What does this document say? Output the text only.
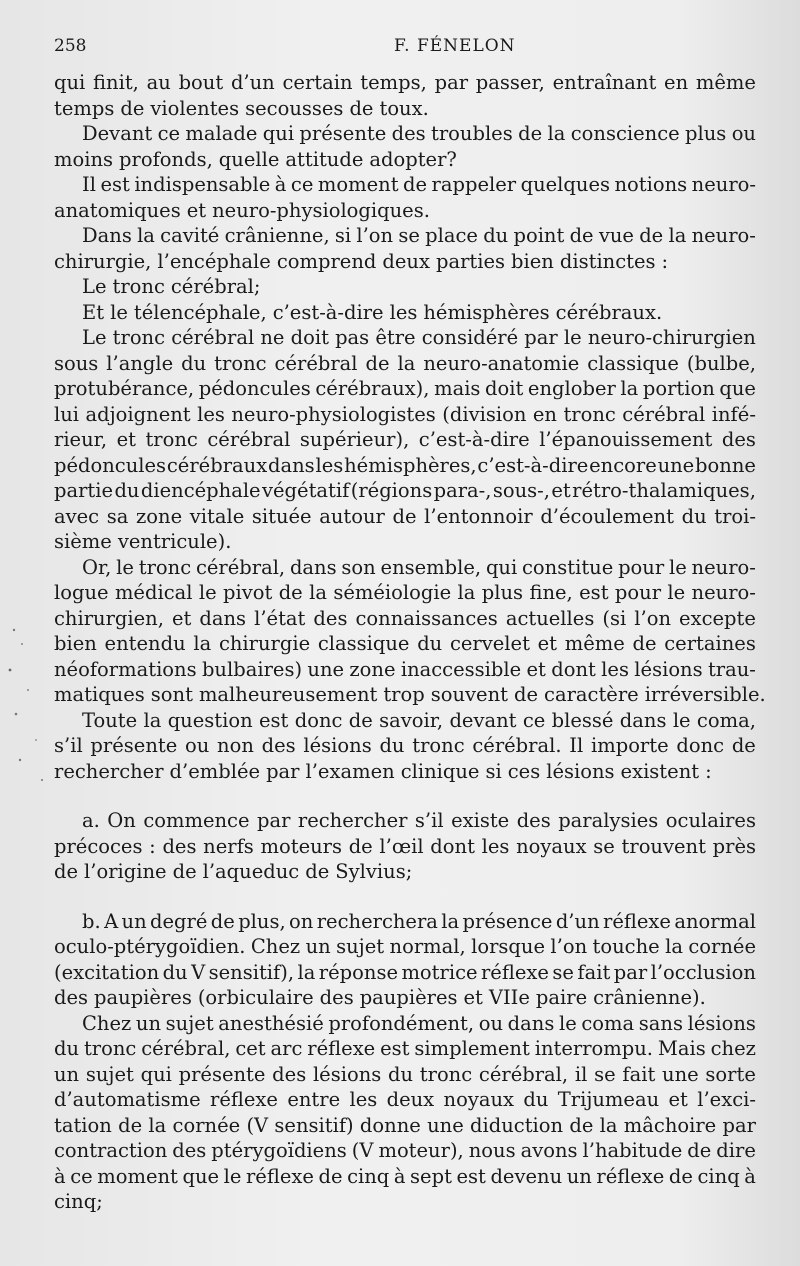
258	F. FÉNELON
qui finit, au bout d’un certain temps, par passer, entraînant en même
temps de violentes secousses de toux.
Devant ce malade qui présente des troubles de la conscience plus ou
moins profonds, quelle attitude adopter?
Il est indispensable à ce moment de rappeler quelques notions neuro-
anatomiques et neuro-physiologiques.
Dans la cavité crânienne, si l’on se place du point de vue de la neuro-
chirurgie, l’encéphale comprend deux parties bien distinctes :
Le tronc cérébral;
Et le télencéphale, c’est-à-dire les hémisphères cérébraux.
Le tronc cérébral ne doit pas être considéré par le neuro-chirurgien
sous l’angle du tronc cérébral de la neuro-anatomie classique (bulbe,
protubérance, pédoncules cérébraux), mais doit englober la portion que
lui adjoignent les neuro-physiologistes (division en tronc cérébral infé-
rieur, et tronc cérébral supérieur), c’est-à-dire l’épanouissement des
pédoncules cérébraux dans les hémisphères, c’est-à-dire encore une bonne
partie du diencéphale végétatif (régions para-, sous-, et rétro-thalamiques,
avec sa zone vitale située autour de l’entonnoir d’écoulement du troi-
sième ventricule).
Or, le tronc cérébral, dans son ensemble, qui constitue pour le neuro-
logue médical le pivot de la séméiologie la plus fine, est pour le neuro-
chirurgien, et dans l’état des connaissances actuelles (si l’on excepte
bien entendu la chirurgie classique du cervelet et même de certaines
néoformations bulbaires) une zone inaccessible et dont les lésions trau-
matiques sont malheureusement trop souvent de caractère irréversible.
Toute la question est donc de savoir, devant ce blessé dans le coma,
s’il présente ou non des lésions du tronc cérébral. Il importe donc de
rechercher d’emblée par l’examen clinique si ces lésions existent :
a. On commence par rechercher s’il existe des paralysies oculaires
précoces : des nerfs moteurs de l’œil dont les noyaux se trouvent près
de l’origine de l’aqueduc de Sylvius;
b. A un degré de plus, on recherchera la présence d’un réflexe anormal
oculo-ptérygoïdien. Chez un sujet normal, lorsque l’on touche la cornée
(excitation du V sensitif), la réponse motrice réflexe se fait par l’occlusion
des paupières (orbiculaire des paupières et VIIe paire crânienne).
Chez un sujet anesthésié profondément, ou dans le coma sans lésions
du tronc cérébral, cet arc réflexe est simplement interrompu. Mais chez
un sujet qui présente des lésions du tronc cérébral, il se fait une sorte
d’automatisme réflexe entre les deux noyaux du Trijumeau et l’exci-
tation de la cornée (V sensitif) donne une diduction de la mâchoire par
contraction des ptérygoïdiens (V moteur), nous avons l’habitude de dire
à ce moment que le réflexe de cinq à sept est devenu un réflexe de cinq à
cinq;
